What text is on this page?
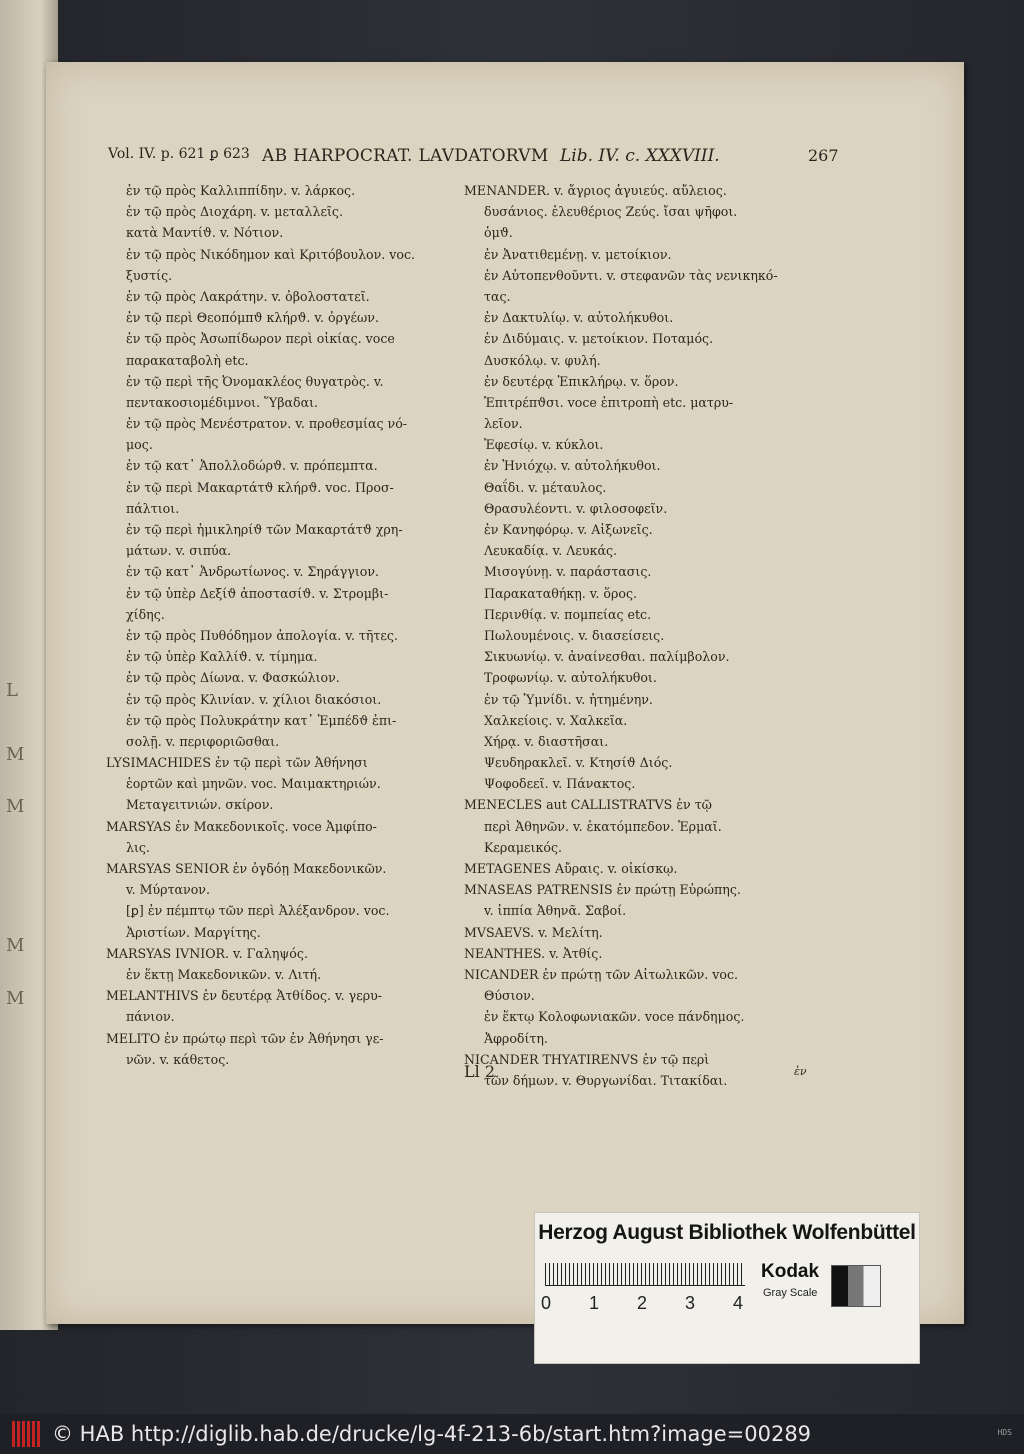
L
M
M
M
M
Vol. IV. p. 621 ꝑ 623 AB HARPOCRAT. LAVDATORVM Lib. IV. c. XXXVIII.	267
ἐν τῷ πρὸς Καλλιππίδην. v. λάρκος.
ἐν τῷ πρὸς Διοχάρη. v. μεταλλεῖς.
κατὰ Μαντίϑ. v. Νότιον.
ἐν τῷ πρὸς Νικόδημον καὶ Κριτόβουλον. voc.
ξυστίς.
ἐν τῷ πρὸς Λακράτην. v. ὀβολοστατεῖ.
ἐν τῷ περὶ Θεοπόμπϑ κλήρϑ. v. ὀργέων.
ἐν τῷ πρὸς Ἀσωπίδωρον περὶ οἰκίας. voce
παρακαταβολὴ etc.
ἐν τῷ περὶ τῆς Ὀνομακλέος θυγατρὸς. v.
πεντακοσιομέδιμνοι. Ὕβαδαι.
ἐν τῷ πρὸς Μενέστρατον. v. προθεσμίας νό-
μος.
ἐν τῷ κατ᾿ Ἀπολλοδώρϑ. v. πρόπεμπτα.
ἐν τῷ περὶ Μακαρτάτϑ κλήρϑ. voc. Προσ-
πάλτιοι.
ἐν τῷ περὶ ἡμικληρίϑ τῶν Μακαρτάτϑ χρη-
μάτων. v. σιπύα.
ἐν τῷ κατ᾿ Ἀνδρωτίωνος. v. Σηράγγιον.
ἐν τῷ ὑπὲρ Δεξίϑ ἀποστασίϑ. v. Στρομβι-
χίδης.
ἐν τῷ πρὸς Πυθόδημον ἀπολογία. v. τῆτες.
ἐν τῷ ὑπὲρ Καλλίϑ. v. τίμημα.
ἐν τῷ πρὸς Δίωνα. v. Φασκώλιον.
ἐν τῷ πρὸς Κλινίαν. v. χίλιοι διακόσιοι.
ἐν τῷ πρὸς Πολυκράτην κατ᾿ Ἐμπέδϑ ἐπι-
σολῇ. v. περιφοριῶσθαι.
LYSIMACHIDES ἐν τῷ περὶ τῶν Ἀθήνησι
ἑορτῶν καὶ μηνῶν. voc. Μαιμακτηριών.
Μεταγειτνιών. σκίρον.
MARSYAS ἐν Μακεδονικοῖς. voce Ἀμφίπο-
λις.
MARSYAS SENIOR ἐν ὀγδόῃ Μακεδονικῶν.
v. Μύρτανον.
[ꝑ] ἐν πέμπτῳ τῶν περὶ Ἀλέξανδρον. voc.
Ἀριστίων. Μαργίτης.
MARSYAS IVNIOR. v. Γαληψός.
ἐν ἕκτῃ Μακεδονικῶν. v. Λιτή.
MELANTHIVS ἐν δευτέρᾳ Ἀτθίδος. v. γερυ-
πάνιον.
MELITO ἐν πρώτῳ περὶ τῶν ἐν Ἀθήνησι γε-
νῶν. v. κάθετος.
MENANDER. v. ἄγριος ἀγυιεύς. αὔλειος.
δυσάνιος. ἐλευθέριος Ζεύς. ἴσαι ψῆφοι.
ὁμϑ.
ἐν Ἀνατιθεμένῃ. v. μετοίκιον.
ἐν Αὐτοπενθοῦντι. v. στεφανῶν τὰς νενικηκό-
τας.
ἐν Δακτυλίῳ. v. αὐτολήκυθοι.
ἐν Διδύμαις. v. μετοίκιον. Ποταμός.
Δυσκόλῳ. v. φυλή.
ἐν δευτέρᾳ Ἐπικλήρῳ. v. ὅρον.
Ἐπιτρέπϑσι. voce ἐπιτροπὴ etc. ματρυ-
λεῖον.
Ἐφεσίῳ. v. κύκλοι.
ἐν Ἡνιόχῳ. v. αὐτολήκυθοι.
Θαΐδι. v. μέταυλος.
Θρασυλέοντι. v. φιλοσοφεῖν.
ἐν Κανηφόρῳ. v. Αἰξωνεῖς.
Λευκαδίᾳ. v. Λευκάς.
Μισογύνῃ. v. παράστασις.
Παρακαταθήκῃ. v. ὅρος.
Περινθίᾳ. v. πομπείας etc.
Πωλουμένοις. v. διασείσεις.
Σικυωνίῳ. v. ἀναίνεσθαι. παλίμβολον.
Τροφωνίῳ. v. αὐτολήκυθοι.
ἐν τῷ Ὑμνίδι. v. ἠτημένην.
Χαλκείοις. v. Χαλκεῖα.
Χήρᾳ. v. διαστῆσαι.
Ψευδηρακλεῖ. v. Κτησίϑ Διός.
Ψοφοδεεῖ. v. Πάνακτος.
MENECLES aut CALLISTRATVS ἐν τῷ
περὶ Ἀθηνῶν. v. ἑκατόμπεδον. Ἑρμαῖ.
Κεραμεικός.
METAGENES Αὔραις. v. οἰκίσκῳ.
MNASEAS PATRENSIS ἐν πρώτῃ Εὐρώπης.
v. ἱππία Ἀθηνᾶ. Σαβοί.
MVSAEVS. v. Μελίτη.
NEANTHES. v. Ἀτθίς.
NICANDER ἐν πρώτῃ τῶν Αἰτωλικῶν. voc.
Θύσιον.
ἐν ἕκτῳ Κολοφωνιακῶν. voce πάνδημος.
Ἀφροδίτη.
NICANDER THYATIRENVS ἐν τῷ περὶ
τῶν δήμων. v. Θυργωνίδαι. Τιτακίδαι.
Ll 2	ἐν
Herzog August Bibliothek Wolfenbüttel
0 1 2 3 4
Kodak
Gray Scale
© HAB http://diglib.hab.de/drucke/lg-4f-213-6b/start.htm?image=00289	HDS
